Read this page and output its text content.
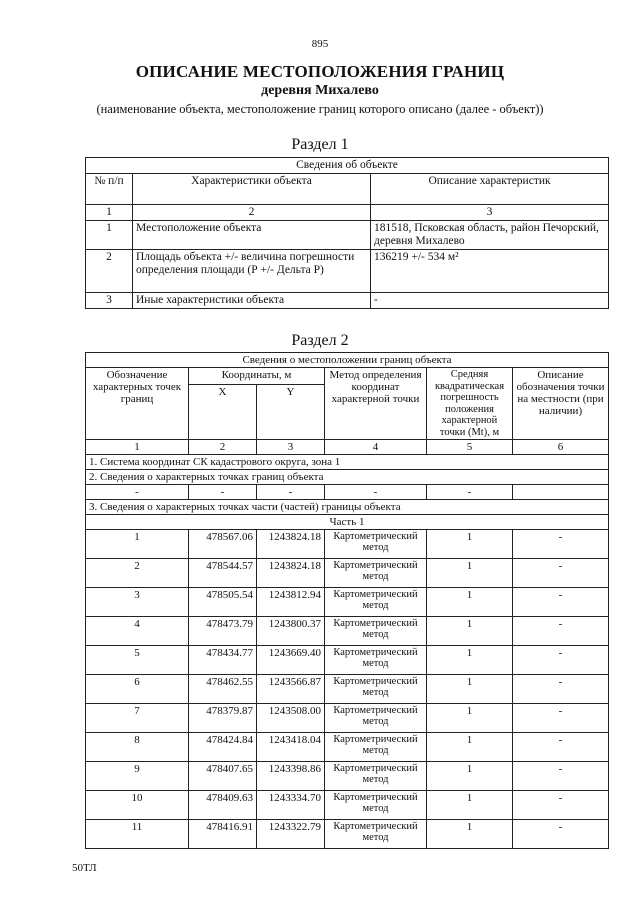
895
ОПИСАНИЕ МЕСТОПОЛОЖЕНИЯ ГРАНИЦ
деревня Михалево
(наименование объекта, местоположение границ которого описано (далее - объект))
Раздел 1
Сведения об объекте		
№ п/п	Характеристики объекта	Описание характеристик
1	2	3
1	Местоположение объекта	181518, Псковская область, район Печорский, деревня Михалево
2	Площадь объекта +/- величина погрешности определения площади (Р +/- Дельта Р)	136219 +/- 534 м²
3	Иные характеристики объекта	-
Раздел 2
Сведения о местоположении границ объекта					
Обозначение характерных точек границ	Координаты, м		Метод определения координат характерной точки	Средняя квадратическая погрешность положения характерной точки (Mt), м	Описание обозначения точки на местности (при наличии)
	X	Y			
1	2	3	4	5	6
1. Система координат СК кадастрового округа, зона 1					
2. Сведения о характерных точках границ объекта					
-	-	-	-	-	
3. Сведения о характерных точках части (частей) границы объекта					
Часть 1					
1	478567.06	1243824.18	Картометрический метод	1	-
2	478544.57	1243824.18	Картометрический метод	1	-
3	478505.54	1243812.94	Картометрический метод	1	-
4	478473.79	1243800.37	Картометрический метод	1	-
5	478434.77	1243669.40	Картометрический метод	1	-
6	478462.55	1243566.87	Картометрический метод	1	-
7	478379.87	1243508.00	Картометрический метод	1	-
8	478424.84	1243418.04	Картометрический метод	1	-
9	478407.65	1243398.86	Картометрический метод	1	-
10	478409.63	1243334.70	Картометрический метод	1	-
11	478416.91	1243322.79	Картометрический метод	1	-
50ТЛ
